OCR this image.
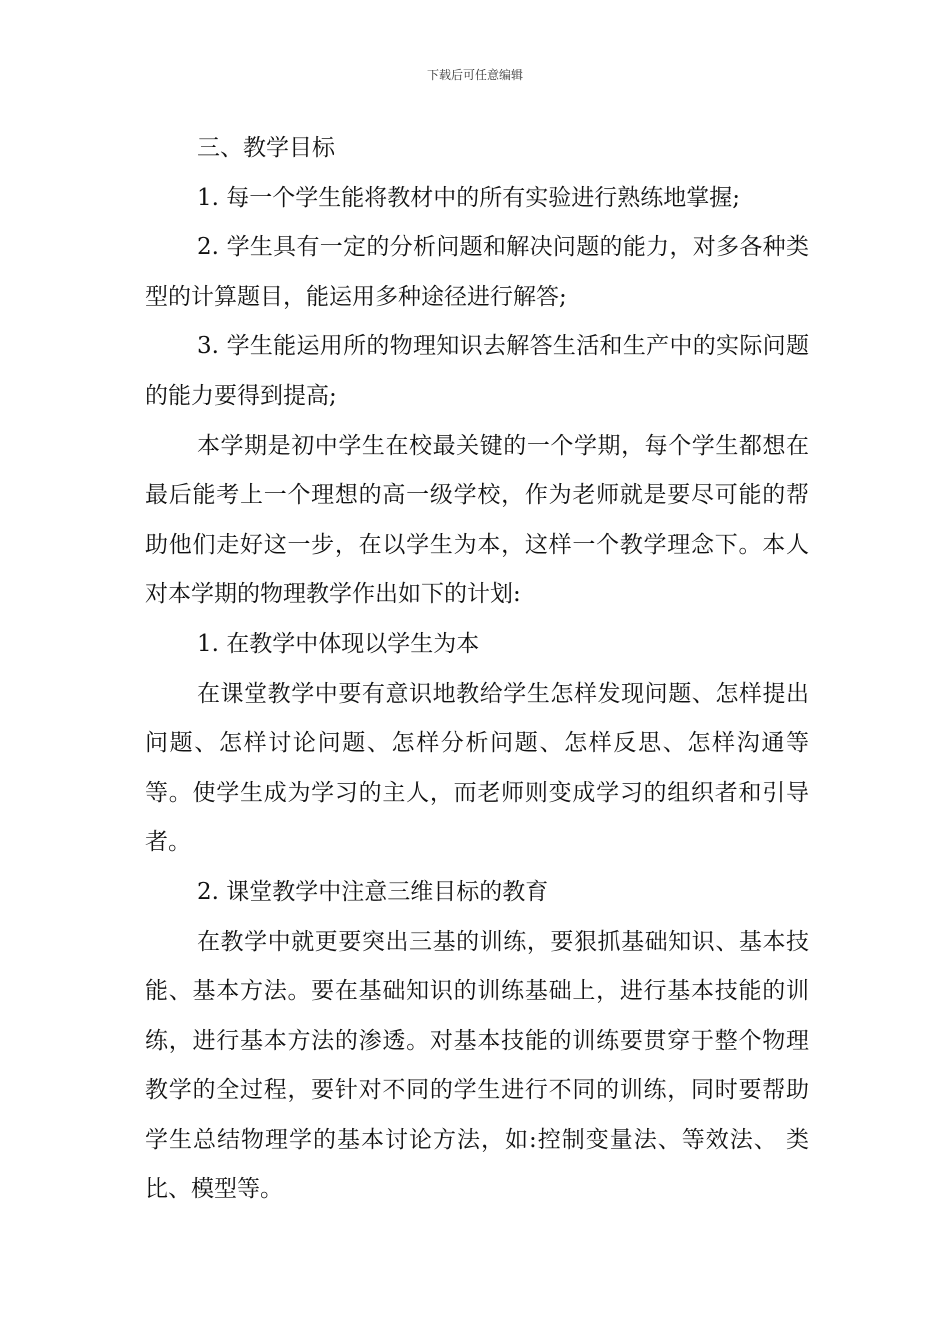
下载后可任意编辑

三、教学目标

1. 每一个学生能将教材中的所有实验进行熟练地掌握;

2. 学生具有一定的分析问题和解决问题的能力，对多各种类型的计算题目，能运用多种途径进行解答;

3. 学生能运用所的物理知识去解答生活和生产中的实际问题的能力要得到提高;

本学期是初中学生在校最关键的一个学期，每个学生都想在最后能考上一个理想的高一级学校，作为老师就是要尽可能的帮助他们走好这一步，在以学生为本，这样一个教学理念下。本人对本学期的物理教学作出如下的计划:

1. 在教学中体现以学生为本

在课堂教学中要有意识地教给学生怎样发现问题、怎样提出问题、怎样讨论问题、怎样分析问题、怎样反思、怎样沟通等等。使学生成为学习的主人，而老师则变成学习的组织者和引导者。

2. 课堂教学中注意三维目标的教育

在教学中就更要突出三基的训练，要狠抓基础知识、基本技能、基本方法。要在基础知识的训练基础上，进行基本技能的训练，进行基本方法的渗透。对基本技能的训练要贯穿于整个物理教学的全过程，要针对不同的学生进行不同的训练，同时要帮助学生总结物理学的基本讨论方法，如:控制变量法、等效法、 类比、模型等。
